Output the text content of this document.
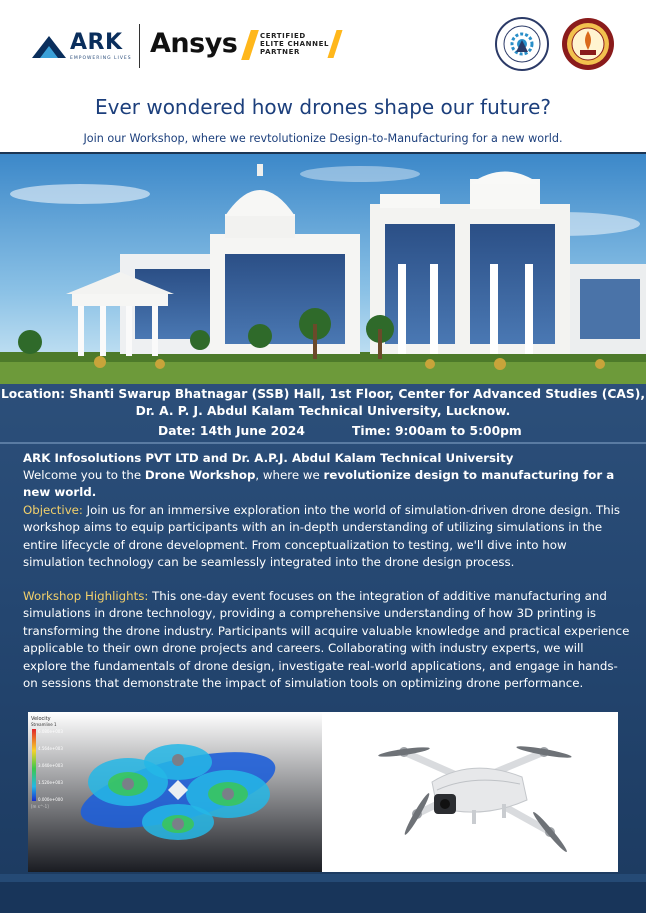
ARK
EMPOWERING LIVES Ansys	CERTIFIED
ELITE CHANNEL
PARTNER
Ever wondered how drones shape our future?
Join our Workshop, where we revtolutionize Design-to-Manufacturing for a new world.
Location: Shanti Swarup Bhatnagar (SSB) Hall, 1st Floor, Center for Advanced Studies (CAS),
Dr. A. P. J. Abdul Kalam Technical University, Lucknow.
Date: 14th June 2024	Time: 9:00am to 5:00pm
ARK Infosolutions PVT LTD and Dr. A.P.J. Abdul Kalam Technical University
Welcome you to the Drone Workshop, where we revolutionize design to manufacturing for a new world.
Objective: Join us for an immersive exploration into the world of simulation-driven drone design. This workshop aims to equip participants with an in-depth understanding of utilizing simulations in the entire lifecycle of drone development. From conceptualization to testing, we'll dive into how simulation technology can be seamlessly integrated into the drone design process.
Workshop Highlights: This one-day event focuses on the integration of additive manufacturing and simulations in drone technology, providing a comprehensive understanding of how 3D printing is transforming the drone industry. Participants will acquire valuable knowledge and practical experience applicable to their own drone projects and careers. Collaborating with industry experts, we will explore the fundamentals of drone design, investigate real-world applications, and engage in hands-on sessions that demonstrate the impact of simulation tools on optimizing drone performance.
Velocity
Streamline 1
6.080e+003
4.564e+003
3.040e+003
1.520e+003
0.000e+000
[m s^-1]
